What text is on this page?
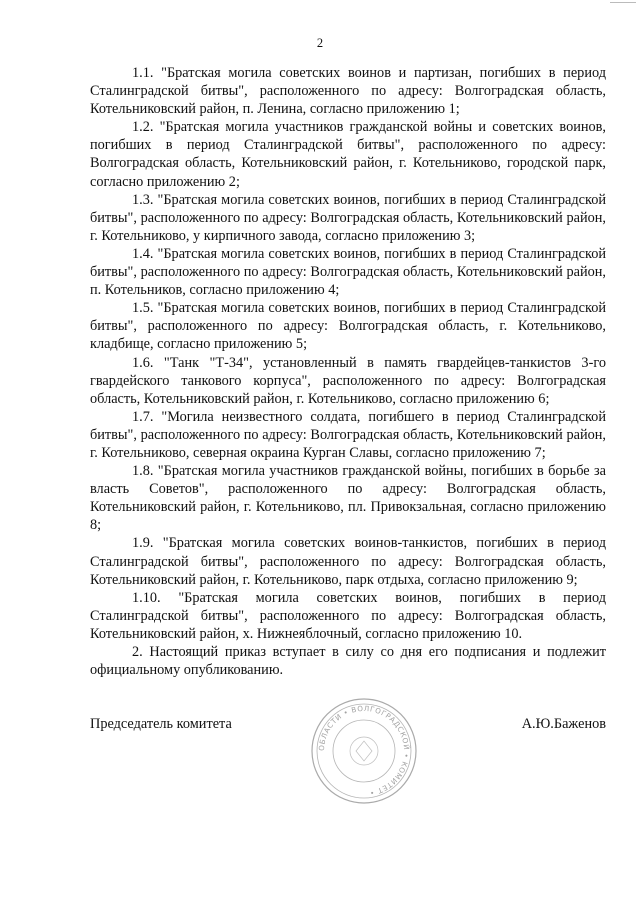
2

1.1. "Братская могила советских воинов и партизан, погибших в период Сталинградской битвы", расположенного по адресу: Волгоградская область, Котельниковский район, п. Ленина, согласно приложению 1;

1.2. "Братская могила участников гражданской войны и советских воинов, погибших в период Сталинградской битвы", расположенного по адресу: Волгоградская область, Котельниковский район, г. Котельниково, городской парк, согласно приложению 2;

1.3. "Братская могила советских воинов, погибших в период Сталинградской битвы", расположенного по адресу: Волгоградская область, Котельниковский район, г. Котельниково, у кирпичного завода, согласно приложению 3;

1.4. "Братская могила советских воинов, погибших в период Сталинградской битвы", расположенного по адресу: Волгоградская область, Котельниковский район, п. Котельников, согласно приложению 4;

1.5. "Братская могила советских воинов, погибших в период Сталинградской битвы", расположенного по адресу: Волгоградская область, г. Котельниково, кладбище, согласно приложению 5;

1.6. "Танк "Т-34", установленный в память гвардейцев-танкистов 3-го гвардейского танкового корпуса", расположенного по адресу: Волгоградская область, Котельниковский район, г. Котельниково, согласно приложению 6;

1.7. "Могила неизвестного солдата, погибшего в период Сталинградской битвы", расположенного по адресу: Волгоградская область, Котельниковский район, г. Котельниково, северная окраина Курган Славы, согласно приложению 7;

1.8. "Братская могила участников гражданской войны, погибших в борьбе за власть Советов", расположенного по адресу: Волгоградская область, Котельниковский район, г. Котельниково, пл. Привокзальная, согласно приложению 8;

1.9. "Братская могила советских воинов-танкистов, погибших в период Сталинградской битвы", расположенного по адресу: Волгоградская область, Котельниковский район, г. Котельниково, парк отдыха, согласно приложению 9;

1.10. "Братская могила советских воинов, погибших в период Сталинградской битвы", расположенного по адресу: Волгоградская область, Котельниковский район, х. Нижнеяблочный, согласно приложению 10.

2. Настоящий приказ вступает в силу со дня его подписания и подлежит официальному опубликованию.

Председатель комитета	А.Ю.Баженов
ОБЛАСТИ • ВОЛГОГРАДСКОЙ • КОМИТЕТ •
